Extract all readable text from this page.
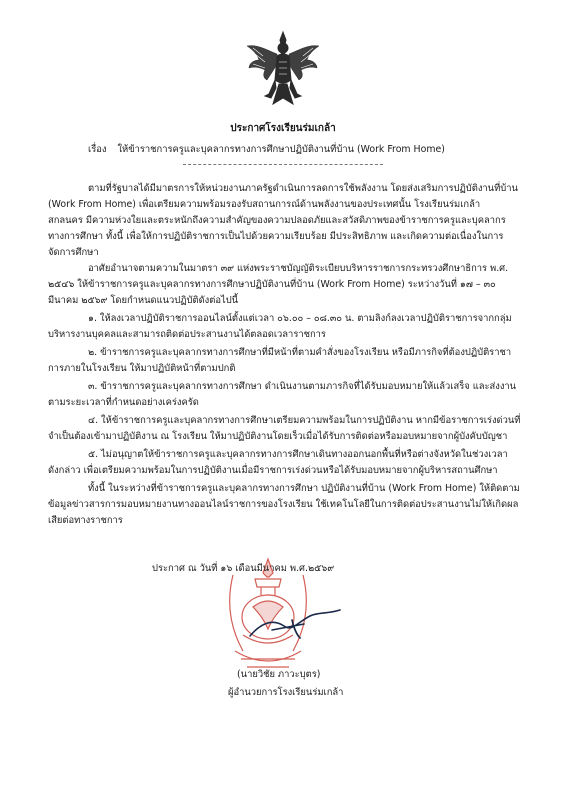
ประกาศโรงเรียนร่มเกล้า
เรื่อง ให้ข้าราชการครูและบุคลากรทางการศึกษาปฏิบัติงานที่บ้าน (Work From Home)
ตามที่รัฐบาลได้มีมาตรการให้หน่วยงานภาครัฐดำเนินการลดการใช้พลังงาน โดยส่งเสริมการปฏิบัติงานที่บ้าน
(Work From Home) เพื่อเตรียมความพร้อมรองรับสถานการณ์ด้านพลังงานของประเทศนั้น โรงเรียนร่มเกล้า
สกลนคร มีความห่วงใยและตระหนักถึงความสำคัญของความปลอดภัยและสวัสดิภาพของข้าราชการครูและบุคลากร
ทางการศึกษา ทั้งนี้ เพื่อให้การปฏิบัติราชการเป็นไปด้วยความเรียบร้อย มีประสิทธิภาพ และเกิดความต่อเนื่องในการ
จัดการศึกษา
อาศัยอำนาจตามความในมาตรา ๓๙ แห่งพระราชบัญญัติระเบียบบริหารราชการกระทรวงศึกษาธิการ พ.ศ.
๒๕๔๖ ให้ข้าราชการครูและบุคลากรทางการศึกษาปฏิบัติงานที่บ้าน (Work From Home) ระหว่างวันที่ ๑๗ – ๓๐
มีนาคม ๒๕๖๙ โดยกำหนดแนวปฏิบัติดังต่อไปนี้
๑. ให้ลงเวลาปฏิบัติราชการออนไลน์ตั้งแต่เวลา ๐๖.๐๐ – ๐๘.๓๐ น. ตามลิงก์ลงเวลาปฏิบัติราชการจากกลุ่ม
บริหารงานบุคคลและสามารถติดต่อประสานงานได้ตลอดเวลาราชการ
๒. ข้าราชการครูและบุคลากรทางการศึกษาที่มีหน้าที่ตามคำสั่งของโรงเรียน หรือมีภารกิจที่ต้องปฏิบัติราชา
การภายในโรงเรียน ให้มาปฏิบัติหน้าที่ตามปกติ
๓. ข้าราชการครูและบุคลากรทางการศึกษา ดำเนินงานตามภารกิจที่ได้รับมอบหมายให้แล้วเสร็จ และส่งงาน
ตามระยะเวลาที่กำหนดอย่างเคร่งครัด
๔. ให้ข้าราชการครูและบุคลากรทางการศึกษาเตรียมความพร้อมในการปฏิบัติงาน หากมีข้อราชการเร่งด่วนที่
จำเป็นต้องเข้ามาปฏิบัติงาน ณ โรงเรียน ให้มาปฏิบัติงานโดยเร็วเมื่อได้รับการติดต่อหรือมอบหมายจากผู้บังคับบัญชา
๕. ไม่อนุญาตให้ข้าราชการครูและบุคลากรทางการศึกษาเดินทางออกนอกพื้นที่หรือต่างจังหวัดในช่วงเวลา
ดังกล่าว เพื่อเตรียมความพร้อมในการปฏิบัติงานเมื่อมีราชการเร่งด่วนหรือได้รับมอบหมายจากผู้บริหารสถานศึกษา
ทั้งนี้ ในระหว่างที่ข้าราชการครูและบุคลากรทางการศึกษา ปฏิบัติงานที่บ้าน (Work From Home) ให้ติดตาม
ข้อมูลข่าวสารการมอบหมายงานทางออนไลน์ราชการของโรงเรียน ใช้เทคโนโลยีในการติดต่อประสานงานไม่ให้เกิดผล
เสียต่อทางราชการ
ประกาศ ณ วันที่ ๑๖ เดือนมีนาคม พ.ศ.๒๕๖๙
(นายวิชัย ภาวะบุตร)
ผู้อำนวยการโรงเรียนร่มเกล้า
